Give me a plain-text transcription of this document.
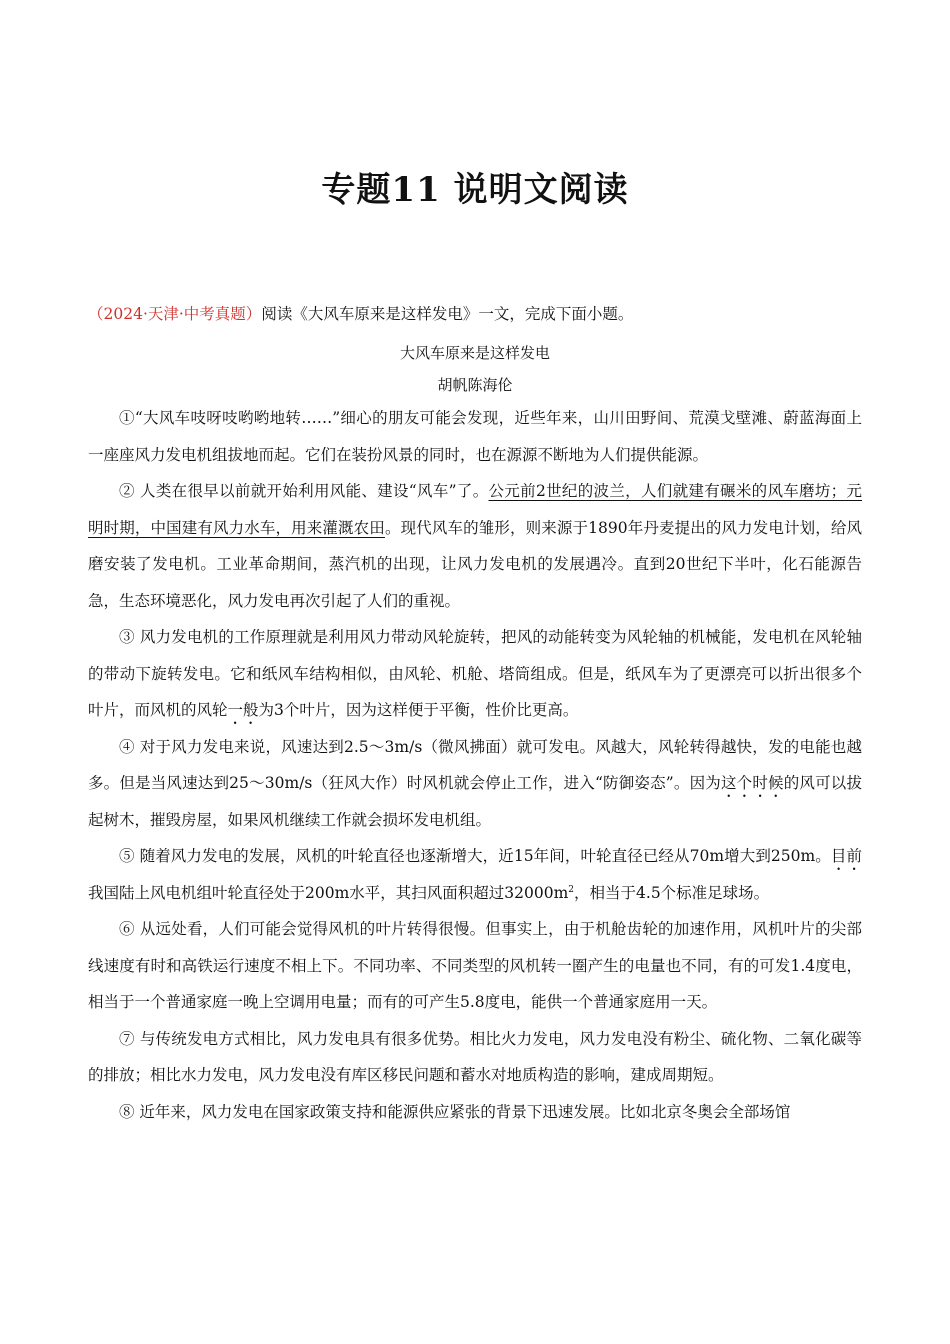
专题11 说明文阅读
（2024·天津·中考真题）阅读《大风车原来是这样发电》一文，完成下面小题。
大风车原来是这样发电
胡帆陈海伦

①“大风车吱呀吱哟哟地转……”细心的朋友可能会发现，近些年来，山川田野间、荒漠戈壁滩、蔚蓝海面上一座座风力发电机组拔地而起。它们在装扮风景的同时，也在源源不断地为人们提供能源。

② 人类在很早以前就开始利用风能、建设“风车”了。公元前2世纪的波兰，人们就建有碾米的风车磨坊；元明时期，中国建有风力水车，用来灌溉农田。现代风车的雏形，则来源于1890年丹麦提出的风力发电计划，给风磨安装了发电机。工业革命期间，蒸汽机的出现，让风力发电机的发展遇冷。直到20世纪下半叶，化石能源告急，生态环境恶化，风力发电再次引起了人们的重视。

③ 风力发电机的工作原理就是利用风力带动风轮旋转，把风的动能转变为风轮轴的机械能，发电机在风轮轴的带动下旋转发电。它和纸风车结构相似，由风轮、机舱、塔筒组成。但是，纸风车为了更漂亮可以折出很多个叶片，而风机的风轮一般为3个叶片，因为这样便于平衡，性价比更高。

④ 对于风力发电来说，风速达到2.5～3m/s（微风拂面）就可发电。风越大，风轮转得越快，发的电能也越多。但是当风速达到25～30m/s（狂风大作）时风机就会停止工作，进入“防御姿态”。因为这个时候的风可以拔起树木，摧毁房屋，如果风机继续工作就会损坏发电机组。

⑤ 随着风力发电的发展，风机的叶轮直径也逐渐增大，近15年间，叶轮直径已经从70m增大到250m。目前我国陆上风电机组叶轮直径处于200m水平，其扫风面积超过$32000m^2$，相当于4.5个标准足球场。

⑥ 从远处看，人们可能会觉得风机的叶片转得很慢。但事实上，由于机舱齿轮的加速作用，风机叶片的尖部线速度有时和高铁运行速度不相上下。不同功率、不同类型的风机转一圈产生的电量也不同，有的可发1.4度电，相当于一个普通家庭一晚上空调用电量；而有的可产生5.8度电，能供一个普通家庭用一天。

⑦ 与传统发电方式相比，风力发电具有很多优势。相比火力发电，风力发电没有粉尘、硫化物、二氧化碳等的排放；相比水力发电，风力发电没有库区移民问题和蓄水对地质构造的影响，建成周期短。

⑧ 近年来，风力发电在国家政策支持和能源供应紧张的背景下迅速发展。比如北京冬奥会全部场馆
